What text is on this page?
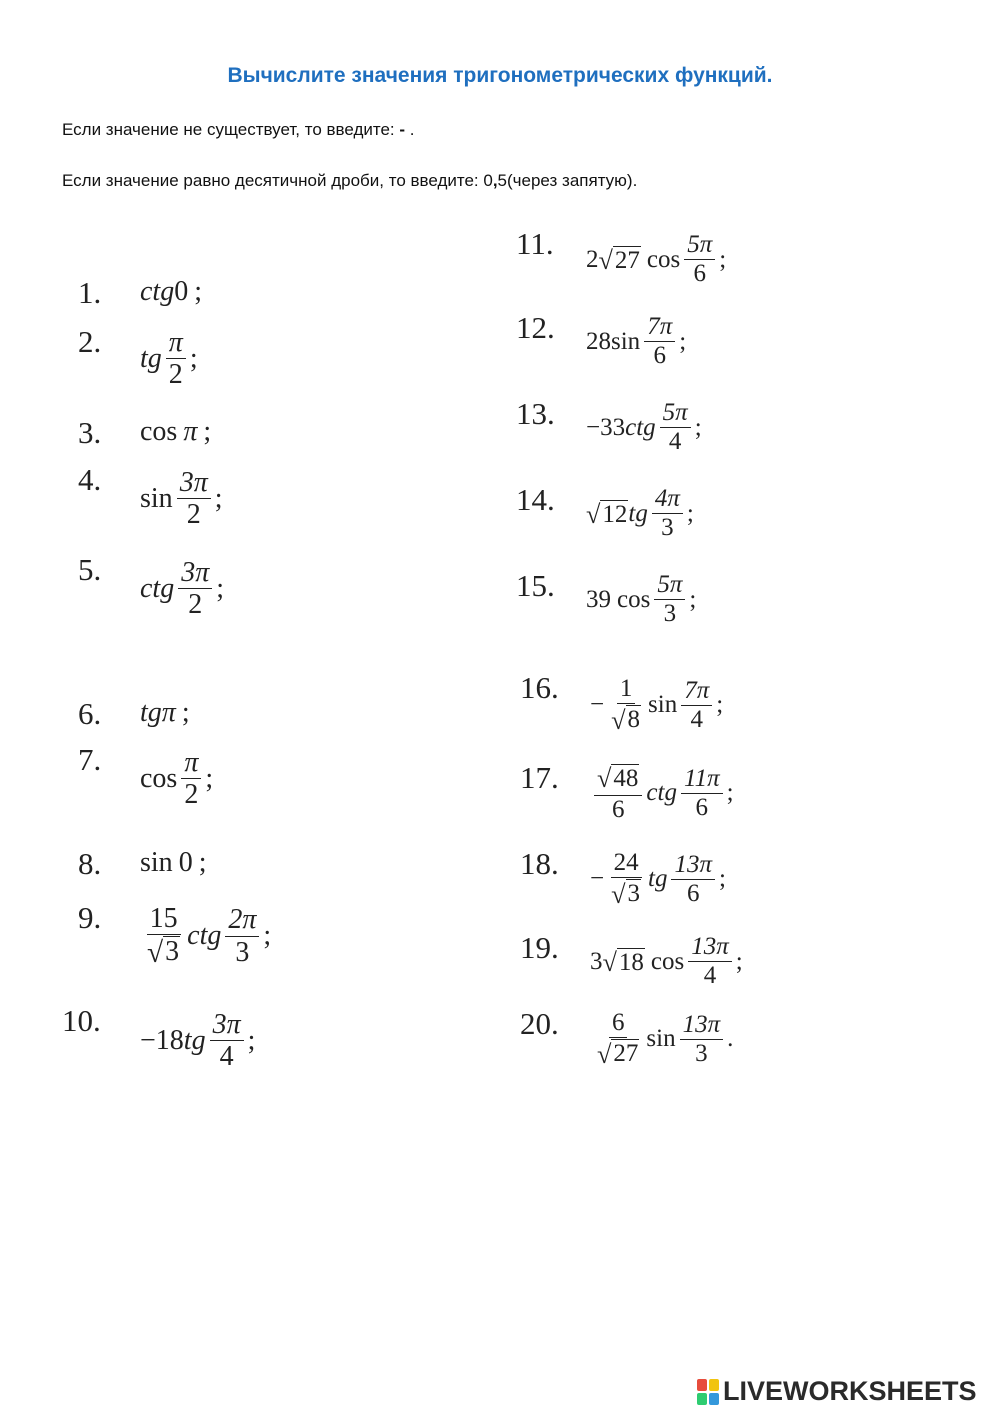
Вычислите значения тригонометрических функций.
Если значение не существует, то введите: - .
Если значение равно десятичной дроби, то введите: 0,5(через запятую).
1. ctg 0 ;
2. tg $\frac{\pi}{2}$ ;
3. cos π ;
4.
$\sin \frac{3\pi}{2}$ ;
5.
ctg $\frac{3\pi}{2}$ ;
6. tg π ;
7.
$\cos \frac{\pi}{2}$ ;
8. sin 0 ;
9. $\frac{15}{√ 3}$ ctg $\frac{2\pi}{3}$ ;
10.
−18 tg $\frac{3\pi}{4}$ ;
11. 2 √ 27 $\cos \frac{5\pi}{6}$ ;
12. 28 $\sin \frac{7\pi}{6}$ ;
13. −33 ctg $\frac{5\pi}{4}$ ;
14. √ 12 tg $\frac{4\pi}{3}$ ;
15. 39 $\cos \frac{5\pi}{3}$ ;
16. − $\frac{1}{√ 8}$ $\sin \frac{7\pi}{4}$ ;
17. $\frac{√ 48}{6}$ ctg $\frac{11\pi}{6}$ ;
18. − $\frac{24}{√ 3}$ tg $\frac{13\pi}{6}$ ;
19. 3 √ 18 $\cos \frac{13\pi}{4}$ ;
20. $\frac{6}{√ 27}$ $\sin \frac{13\pi}{3}$ .
LIVEWORKSHEETS
